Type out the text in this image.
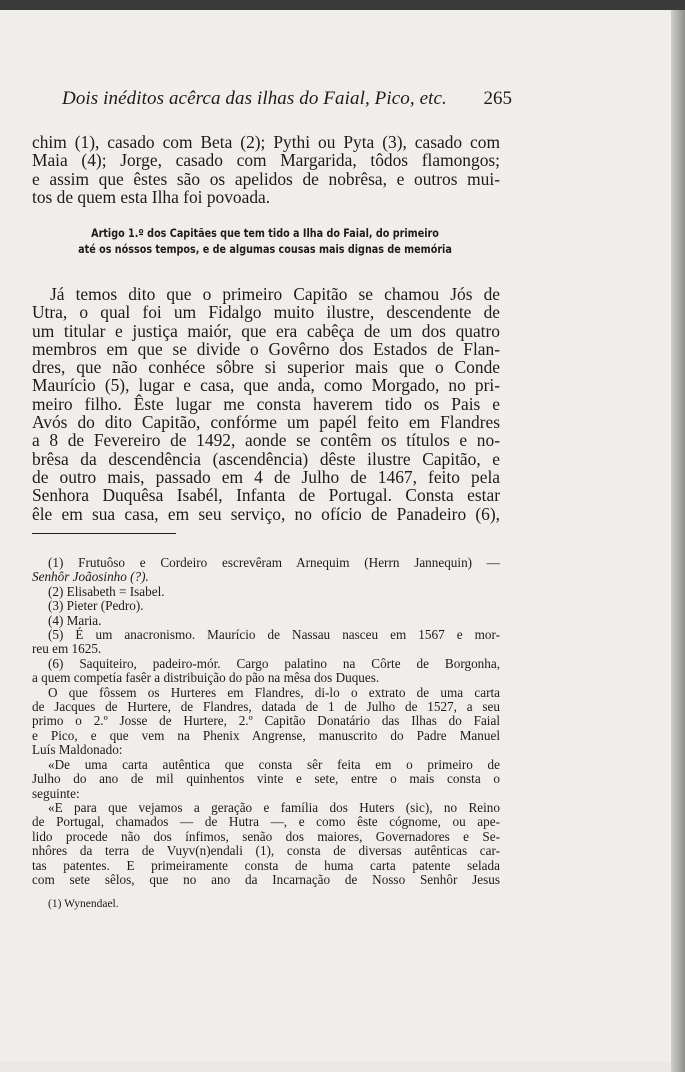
Dois inéditos acêrca das ilhas do Faial, Pico, etc. 265
chim (1), casado com Beta (2); Pythi ou Pyta (3), casado com
Maia (4); Jorge, casado com Margarida, tôdos flamongos;
e assim que êstes são os apelidos de nobrêsa, e outros mui-
tos de quem esta Ilha foi povoada.
Artigo 1.º dos Capitães que tem tido a Ilha do Faial, do primeiro
até os nóssos tempos, e de algumas cousas mais dignas de memória
Já temos dito que o primeiro Capitão se chamou Jós de
Utra, o qual foi um Fidalgo muito ilustre, descendente de
um titular e justiça maiór, que era cabêça de um dos quatro
membros em que se divide o Govêrno dos Estados de Flan-
dres, que não conhéce sôbre si superior mais que o Conde
Maurício (5), lugar e casa, que anda, como Morgado, no pri-
meiro filho. Êste lugar me consta haverem tido os Pais e
Avós do dito Capitão, confórme um papél feito em Flandres
a 8 de Fevereiro de 1492, aonde se contêm os títulos e no-
brêsa da descendência (ascendência) dêste ilustre Capitão, e
de outro mais, passado em 4 de Julho de 1467, feito pela
Senhora Duquêsa Isabél, Infanta de Portugal. Consta estar
êle em sua casa, em seu serviço, no ofício de Panadeiro (6),

(1) Frutuôso e Cordeiro escrevêram Arnequim (Herrn Jannequin) —
Senhôr Joãosinho (?).

(2) Elisabeth = Isabel.

(3) Pieter (Pedro).

(4) Maria.

(5) É um anacronismo. Maurício de Nassau nasceu em 1567 e mor-
reu em 1625.

(6) Saquiteiro, padeiro-mór. Cargo palatino na Côrte de Borgonha,
a quem competía fasêr a distribuição do pão na mêsa dos Duques.

O que fôssem os Hurteres em Flandres, di-lo o extrato de uma carta
de Jacques de Hurtere, de Flandres, datada de 1 de Julho de 1527, a seu
primo o 2.º Josse de Hurtere, 2.º Capitão Donatário das Ilhas do Faial
e Pico, e que vem na Phenix Angrense, manuscrito do Padre Manuel
Luís Maldonado:

«De uma carta autêntica que consta sêr feita em o primeiro de
Julho do ano de mil quinhentos vinte e sete, entre o mais consta o
seguinte:

«E para que vejamos a geração e família dos Huters (sic), no Reino
de Portugal, chamados — de Hutra —, e como êste cógnome, ou ape-
lido procede não dos ínfimos, senão dos maiores, Governadores e Se-
nhôres da terra de Vuyv(n)endali (1), consta de diversas autênticas car-
tas patentes. E primeiramente consta de huma carta patente selada
com sete sêlos, que no ano da Incarnação de Nosso Senhôr Jesus

(1) Wynendael.
